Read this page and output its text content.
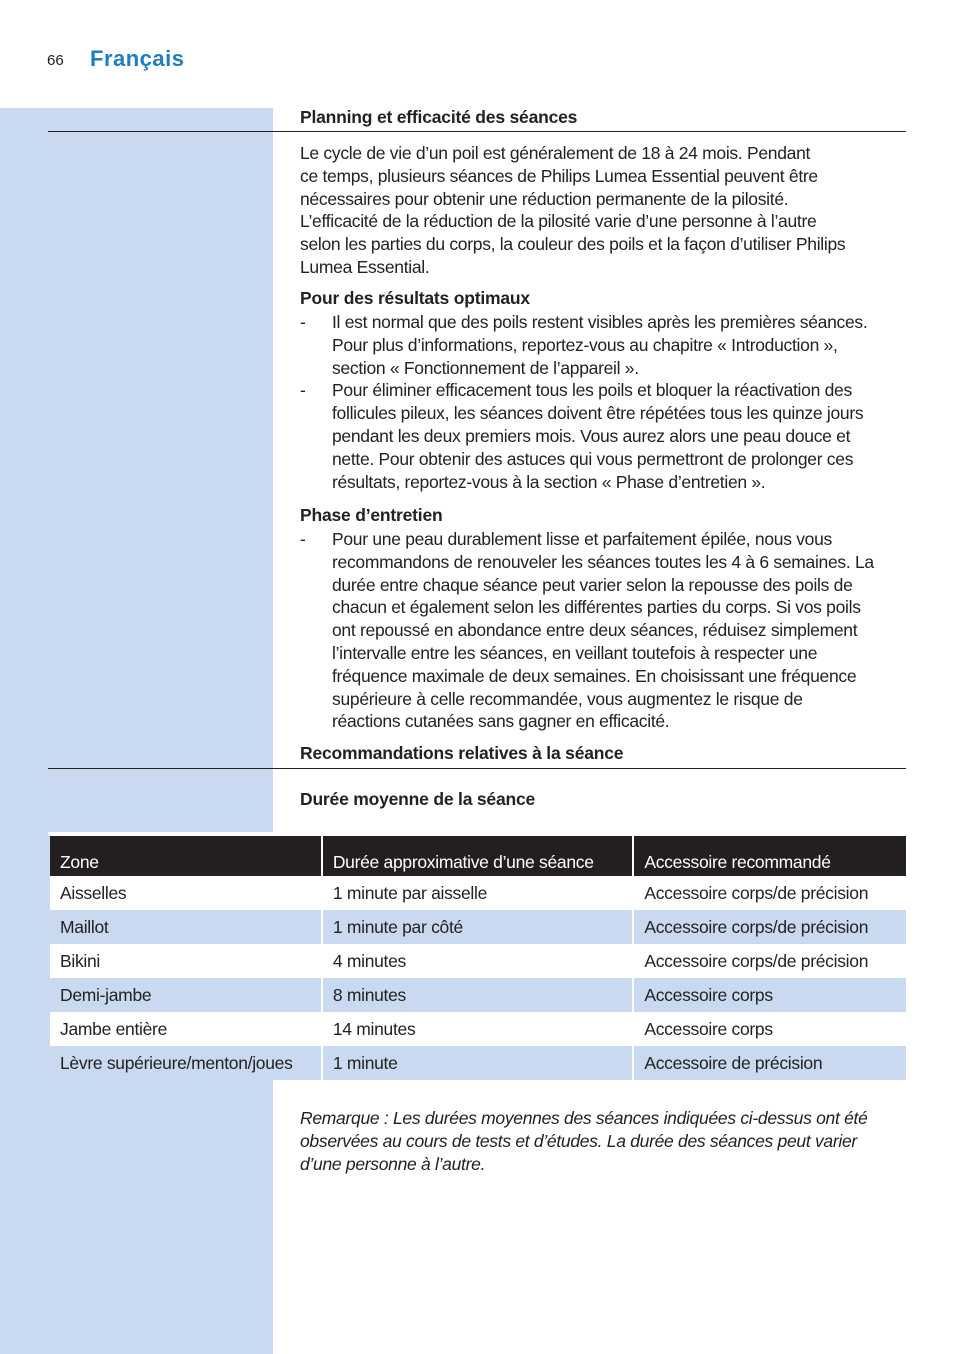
66 Français
Planning et efficacité des séances
Le cycle de vie d’un poil est généralement de 18 à 24 mois. Pendant
ce temps, plusieurs séances de Philips Lumea Essential peuvent être
nécessaires pour obtenir une réduction permanente de la pilosité.
L’efficacité de la réduction de la pilosité varie d’une personne à l’autre
selon les parties du corps, la couleur des poils et la façon d’utiliser Philips
Lumea Essential.
Pour des résultats optimaux
- Il est normal que des poils restent visibles après les premières séances.
Pour plus d’informations, reportez-vous au chapitre « Introduction »,
section « Fonctionnement de l’appareil ».
- Pour éliminer efficacement tous les poils et bloquer la réactivation des
follicules pileux, les séances doivent être répétées tous les quinze jours
pendant les deux premiers mois. Vous aurez alors une peau douce et
nette. Pour obtenir des astuces qui vous permettront de prolonger ces
résultats, reportez-vous à la section « Phase d’entretien ».
Phase d’entretien
- Pour une peau durablement lisse et parfaitement épilée, nous vous
recommandons de renouveler les séances toutes les 4 à 6 semaines. La
durée entre chaque séance peut varier selon la repousse des poils de
chacun et également selon les différentes parties du corps. Si vos poils
ont repoussé en abondance entre deux séances, réduisez simplement
l’intervalle entre les séances, en veillant toutefois à respecter une
fréquence maximale de deux semaines. En choisissant une fréquence
supérieure à celle recommandée, vous augmentez le risque de
réactions cutanées sans gagner en efficacité.
Recommandations relatives à la séance
Durée moyenne de la séance
Zone	Durée approximative d’une séance	Accessoire recommandé
Aisselles	1 minute par aisselle	Accessoire corps/de précision
Maillot	1 minute par côté	Accessoire corps/de précision
Bikini	4 minutes	Accessoire corps/de précision
Demi-jambe	8 minutes	Accessoire corps
Jambe entière	14 minutes	Accessoire corps
Lèvre supérieure/menton/joues	1 minute	Accessoire de précision
Remarque : Les durées moyennes des séances indiquées ci-dessus ont été
observées au cours de tests et d’études. La durée des séances peut varier
d’une personne à l’autre.
